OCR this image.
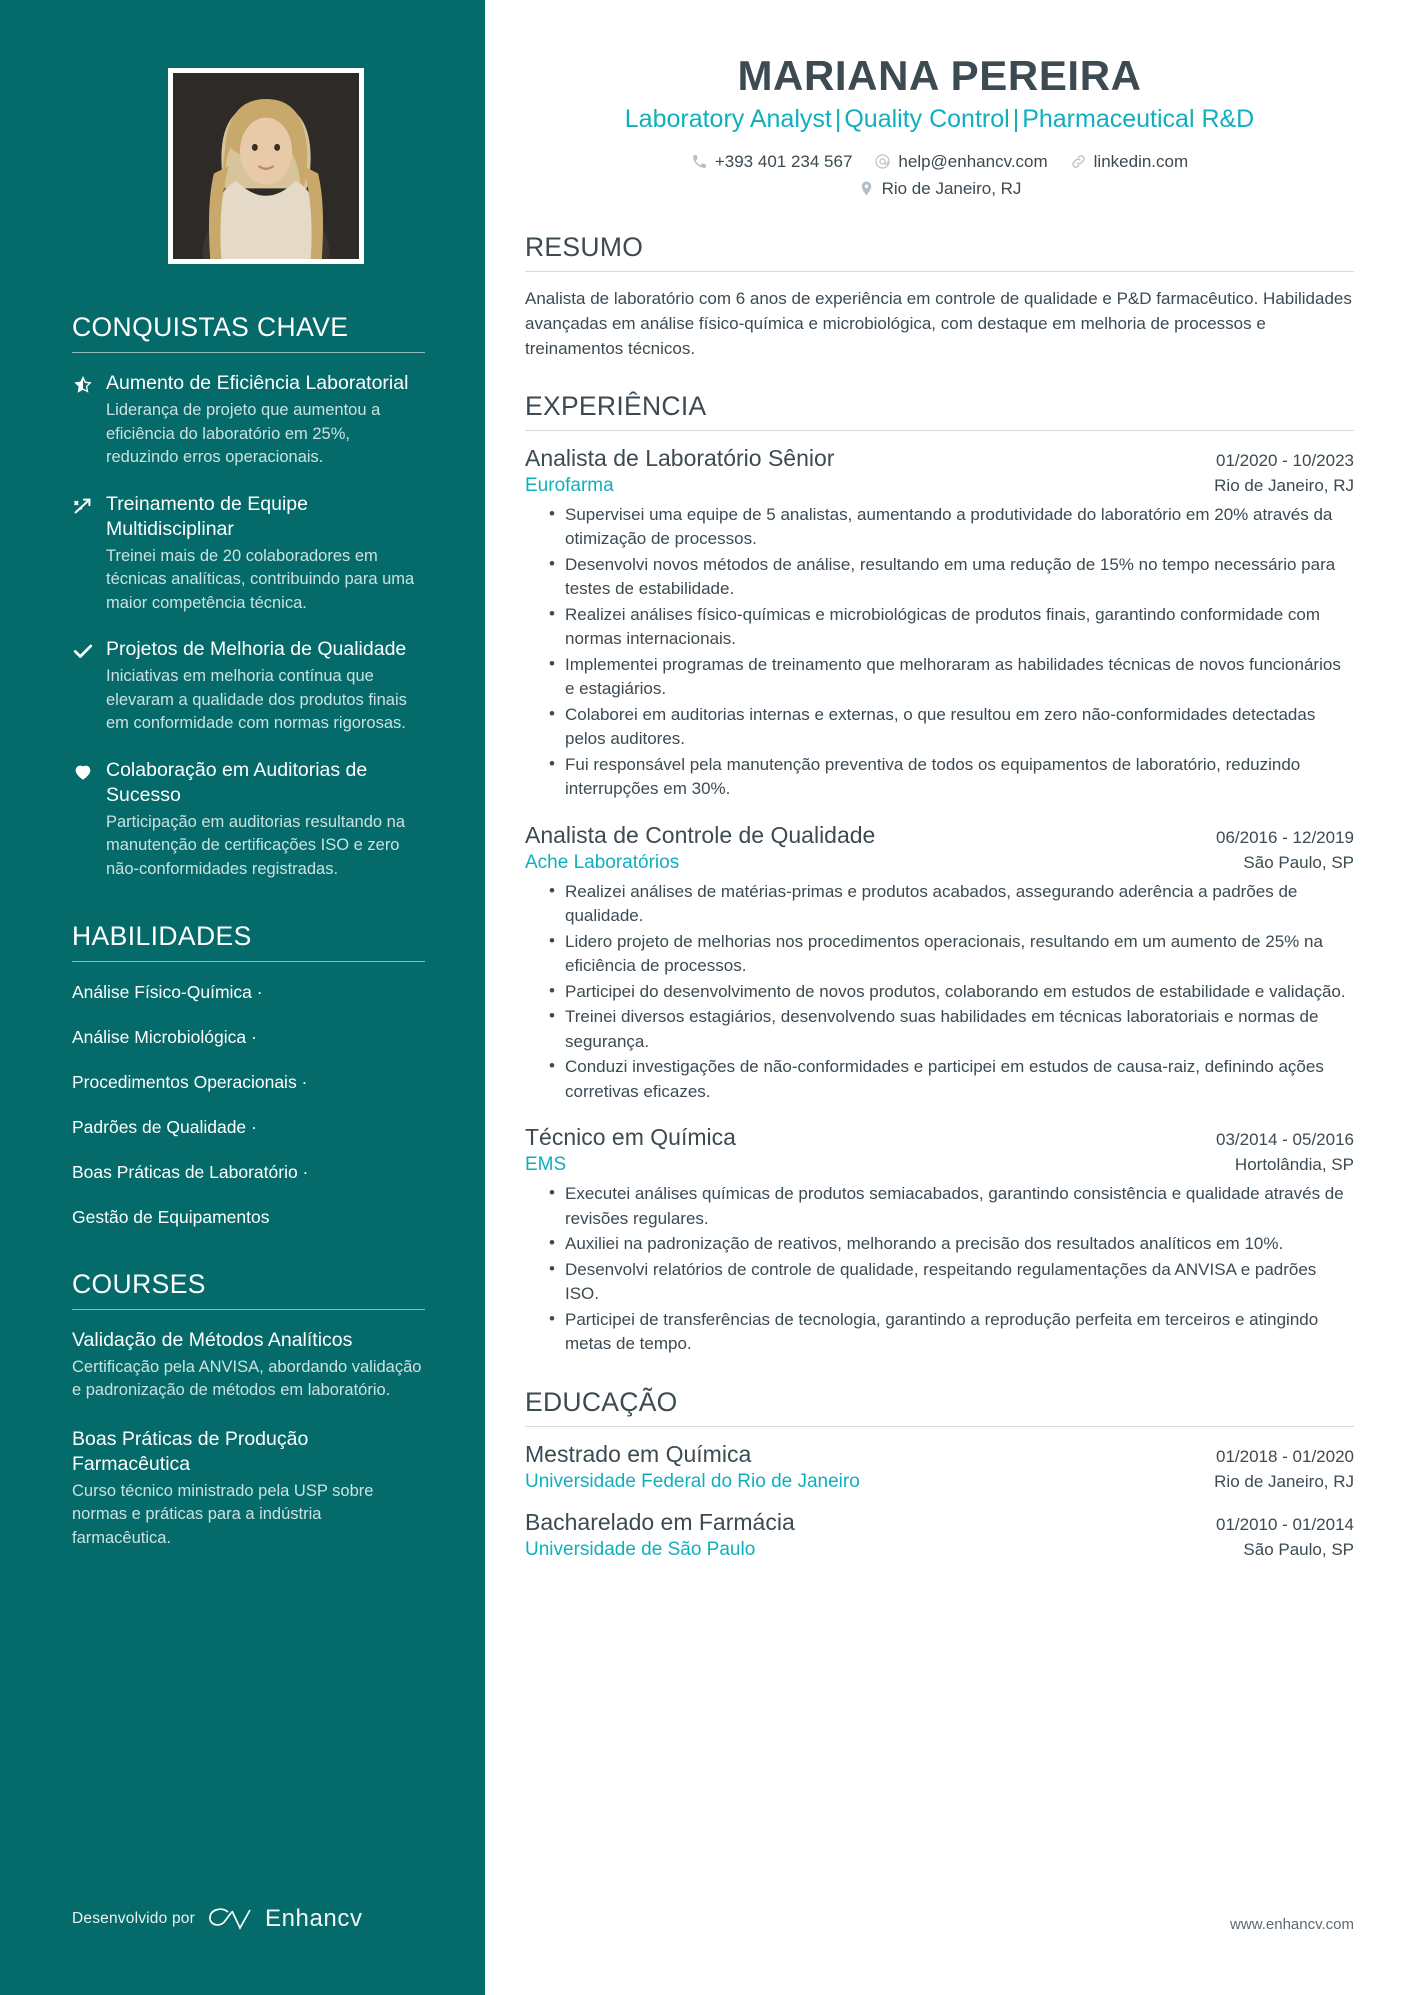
CONQUISTAS CHAVE
Aumento de Eficiência Laboratorial
Liderança de projeto que aumentou a eficiência do laboratório em 25%, reduzindo erros operacionais.
Treinamento de Equipe Multidisciplinar
Treinei mais de 20 colaboradores em técnicas analíticas, contribuindo para uma maior competência técnica.
Projetos de Melhoria de Qualidade
Iniciativas em melhoria contínua que elevaram a qualidade dos produtos finais em conformidade com normas rigorosas.
Colaboração em Auditorias de Sucesso
Participação em auditorias resultando na manutenção de certificações ISO e zero não-conformidades registradas.
HABILIDADES
Análise Físico-Química ·
Análise Microbiológica ·
Procedimentos Operacionais ·
Padrões de Qualidade ·
Boas Práticas de Laboratório ·
Gestão de Equipamentos
COURSES
Validação de Métodos Analíticos
Certificação pela ANVISA, abordando validação e padronização de métodos em laboratório.
Boas Práticas de Produção Farmacêutica
Curso técnico ministrado pela USP sobre normas e práticas para a indústria farmacêutica.
Desenvolvido por	Enhancv
MARIANA PEREIRA
Laboratory Analyst | Quality Control | Pharmaceutical R&D
+393 401 234 567	help@enhancv.com	linkedin.com
Rio de Janeiro, RJ
RESUMO

Analista de laboratório com 6 anos de experiência em controle de qualidade e P&D farmacêutico. Habilidades avançadas em análise físico-química e microbiológica, com destaque em melhoria de processos e treinamentos técnicos.

EXPERIÊNCIA
Analista de Laboratório Sênior	01/2020 - 10/2023
Eurofarma	Rio de Janeiro, RJ
• Supervisei uma equipe de 5 analistas, aumentando a produtividade do laboratório em 20% através da otimização de processos.
• Desenvolvi novos métodos de análise, resultando em uma redução de 15% no tempo necessário para testes de estabilidade.
• Realizei análises físico-químicas e microbiológicas de produtos finais, garantindo conformidade com normas internacionais.
• Implementei programas de treinamento que melhoraram as habilidades técnicas de novos funcionários e estagiários.
• Colaborei em auditorias internas e externas, o que resultou em zero não-conformidades detectadas pelos auditores.
• Fui responsável pela manutenção preventiva de todos os equipamentos de laboratório, reduzindo interrupções em 30%.
Analista de Controle de Qualidade	06/2016 - 12/2019
Ache Laboratórios	São Paulo, SP
• Realizei análises de matérias-primas e produtos acabados, assegurando aderência a padrões de qualidade.
• Lidero projeto de melhorias nos procedimentos operacionais, resultando em um aumento de 25% na eficiência de processos.
• Participei do desenvolvimento de novos produtos, colaborando em estudos de estabilidade e validação.
• Treinei diversos estagiários, desenvolvendo suas habilidades em técnicas laboratoriais e normas de segurança.
• Conduzi investigações de não-conformidades e participei em estudos de causa-raiz, definindo ações corretivas eficazes.
Técnico em Química	03/2014 - 05/2016
EMS	Hortolândia, SP
• Executei análises químicas de produtos semiacabados, garantindo consistência e qualidade através de revisões regulares.
• Auxiliei na padronização de reativos, melhorando a precisão dos resultados analíticos em 10%.
• Desenvolvi relatórios de controle de qualidade, respeitando regulamentações da ANVISA e padrões ISO.
• Participei de transferências de tecnologia, garantindo a reprodução perfeita em terceiros e atingindo metas de tempo.
EDUCAÇÃO
Mestrado em Química	01/2018 - 01/2020
Universidade Federal do Rio de Janeiro	Rio de Janeiro, RJ
Bacharelado em Farmácia	01/2010 - 01/2014
Universidade de São Paulo	São Paulo, SP
www.enhancv.com
